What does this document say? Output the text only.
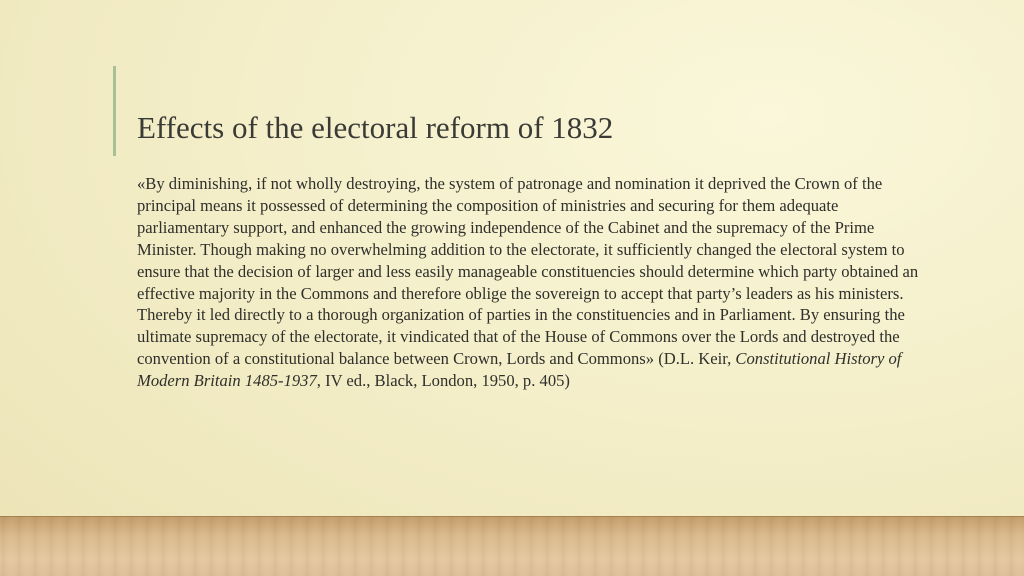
Effects of the electoral reform of 1832

«By diminishing, if not wholly destroying, the system of patronage and nomination it deprived the Crown of the principal means it possessed of determining the composition of ministries and securing for them adequate parliamentary support, and enhanced the growing independence of the Cabinet and the supremacy of the Prime Minister. Though making no overwhelming addition to the electorate, it sufficiently changed the electoral system to ensure that the decision of larger and less easily manageable constituencies should determine which party obtained an effective majority in the Commons and therefore oblige the sovereign to accept that party’s leaders as his ministers. Thereby it led directly to a thorough organization of parties in the constituencies and in Parliament. By ensuring the ultimate supremacy of the electorate, it vindicated that of the House of Commons over the Lords and destroyed the convention of a constitutional balance between Crown, Lords and Commons» (D.L. Keir, Constitutional History of Modern Britain 1485-1937, IV ed., Black, London, 1950, p. 405)
